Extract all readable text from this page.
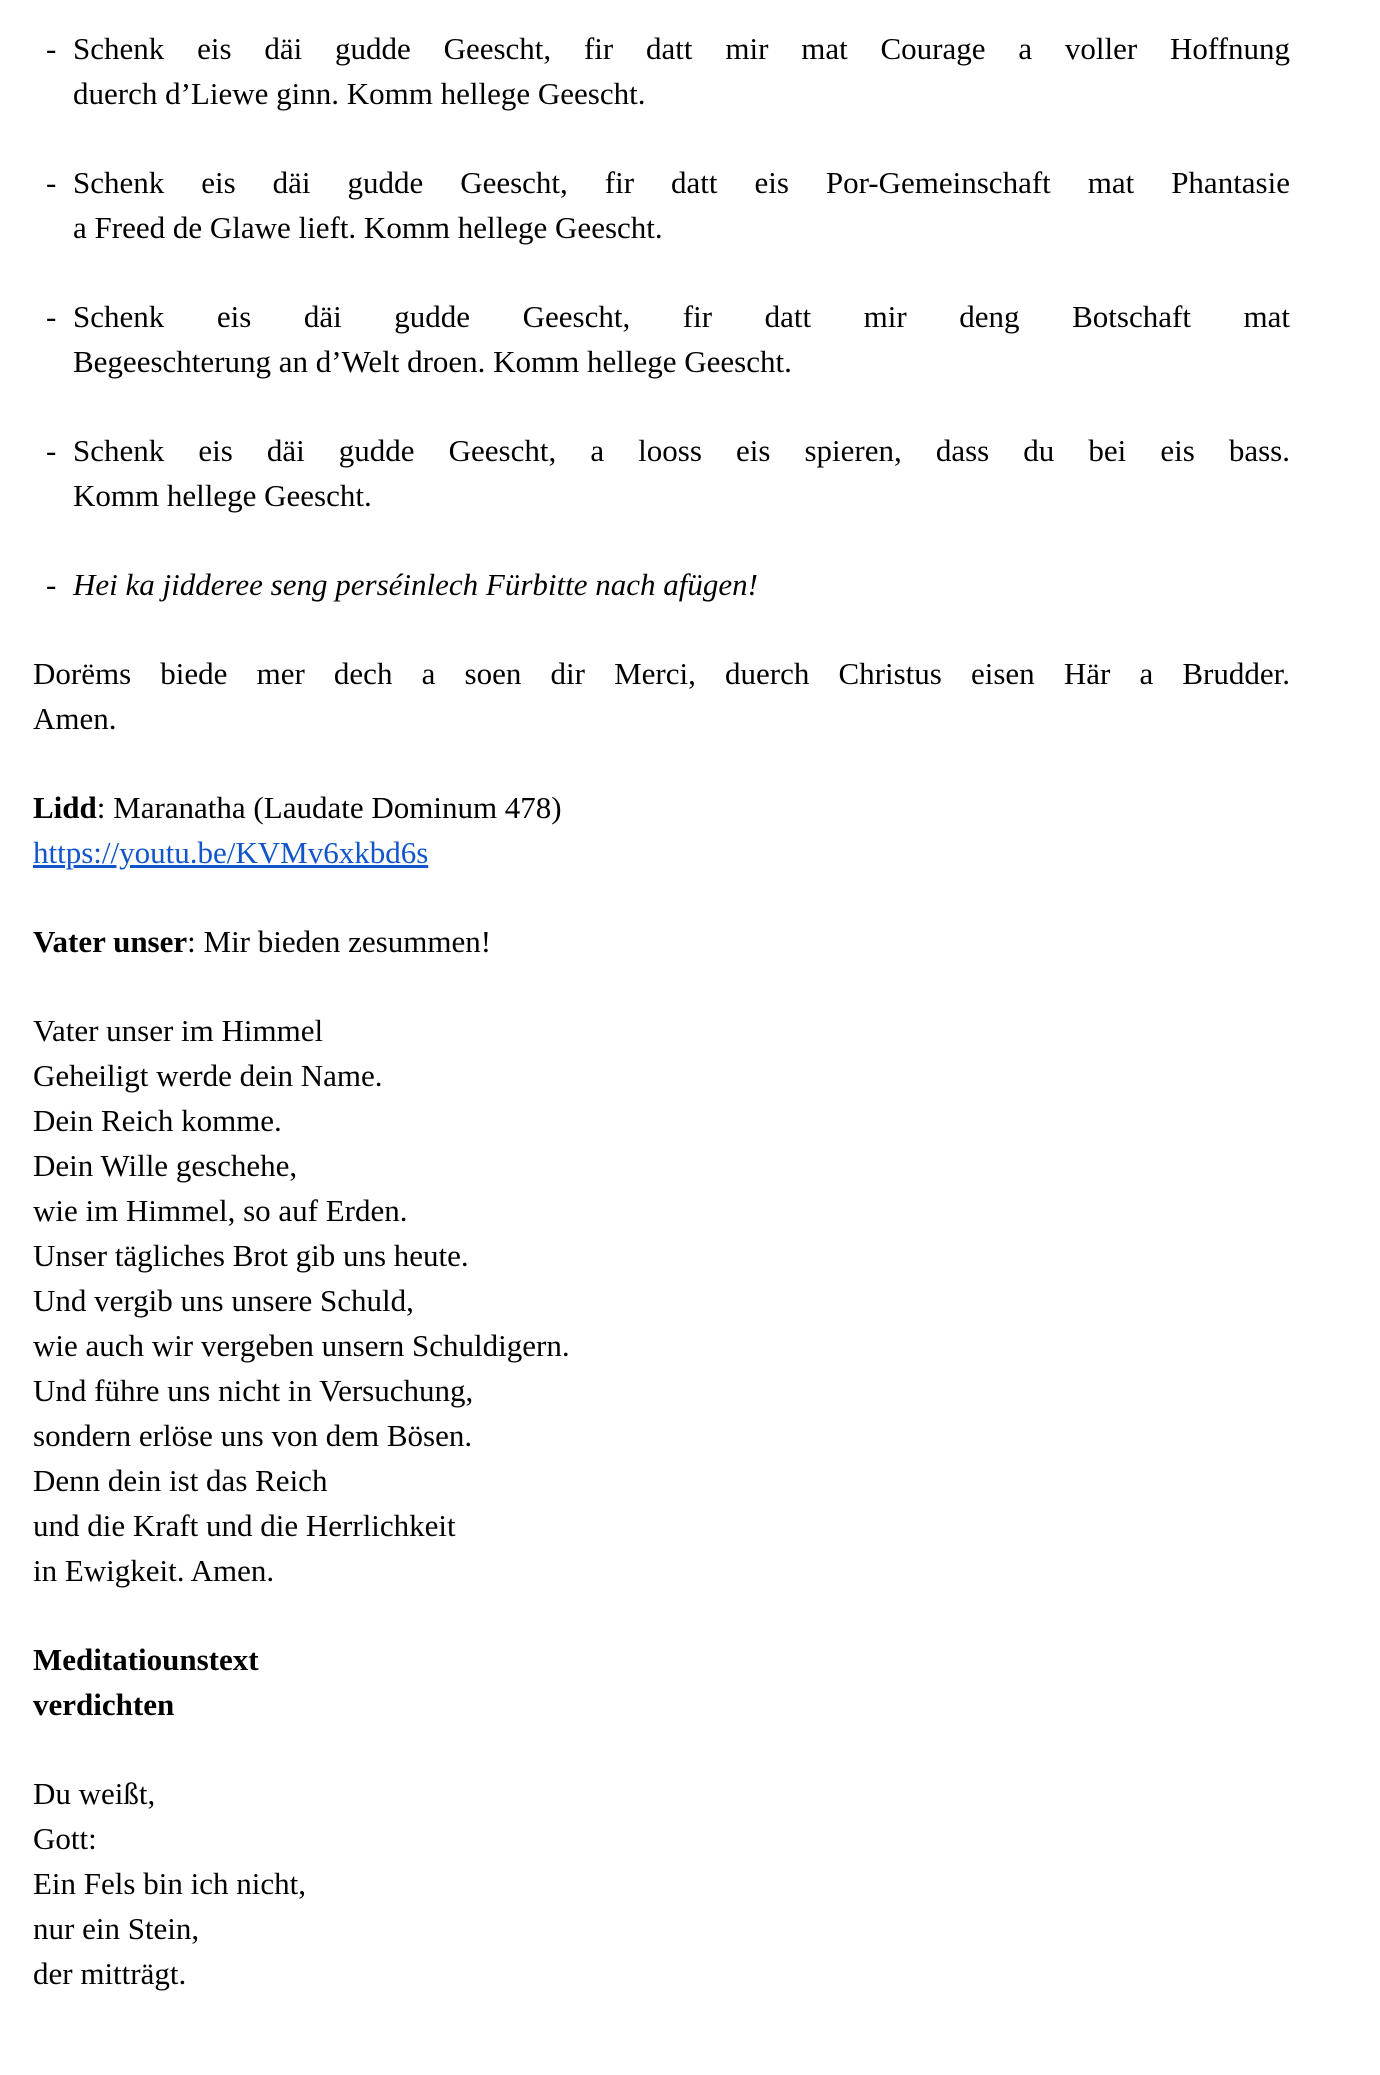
- Schenk eis däi gudde Geescht, fir datt mir mat Courage a voller Hoffnung
duerch d’Liewe ginn. Komm hellege Geescht.
- Schenk eis däi gudde Geescht, fir datt eis Por-Gemeinschaft mat Phantasie
a Freed de Glawe lieft. Komm hellege Geescht.
- Schenk eis däi gudde Geescht, fir datt mir deng Botschaft mat
Begeeschterung an d’Welt droen. Komm hellege Geescht.
- Schenk eis däi gudde Geescht, a looss eis spieren, dass du bei eis bass.
Komm hellege Geescht.
- Hei ka jidderee seng perséinlech Fürbitte nach afügen!
Dorëms biede mer dech a soen dir Merci, duerch Christus eisen Här a Brudder.
Amen.
Lidd: Maranatha (Laudate Dominum 478)
https://youtu.be/KVMv6xkbd6s
Vater unser: Mir bieden zesummen!
Vater unser im Himmel
Geheiligt werde dein Name.
Dein Reich komme.
Dein Wille geschehe,
wie im Himmel, so auf Erden.
Unser tägliches Brot gib uns heute.
Und vergib uns unsere Schuld,
wie auch wir vergeben unsern Schuldigern.
Und führe uns nicht in Versuchung,
sondern erlöse uns von dem Bösen.
Denn dein ist das Reich
und die Kraft und die Herrlichkeit
in Ewigkeit. Amen.
Meditatiounstext
verdichten
Du weißt,
Gott:
Ein Fels bin ich nicht,
nur ein Stein,
der mitträgt.
